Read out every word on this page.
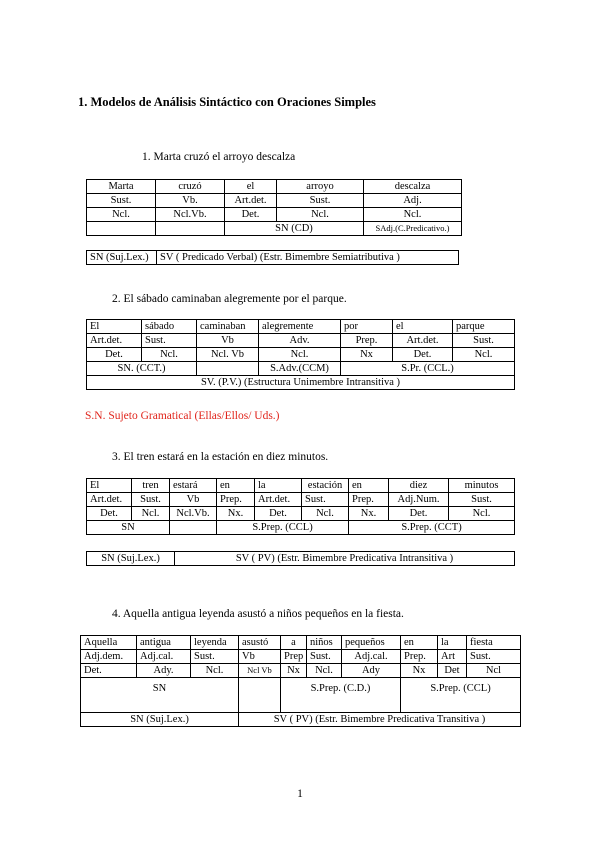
1. Modelos de Análisis Sintáctico con Oraciones Simples
1. Marta cruzó el arroyo descalza
Marta	cruzó	el	arroyo	descalza
Sust.	Vb.	Art.det.	Sust.	Adj.
Ncl.	Ncl.Vb.	Det.	Ncl.	Ncl.
		SN (CD)		SAdj.(C.Predicativo.)
SN (Suj.Lex.)	SV ( Predicado Verbal) (Estr. Bimembre Semiatributiva )
2. El sábado caminaban alegremente por el parque.
El	sábado	caminaban	alegremente	por	el	parque
Art.det.	Sust.	Vb	Adv.	Prep.	Art.det.	Sust.
Det.	Ncl.	Ncl. Vb	Ncl.	Nx	Det.	Ncl.
SN. (CCT.)			S.Adv.(CCM)	S.Pr. (CCL.)		
SV. (P.V.) (Estructura Unimembre Intransitiva )						
S.N. Sujeto Gramatical (Ellas/Ellos/ Uds.)
3. El tren estará en la estación en diez minutos.
El	tren	estará	en	la	estación	en	diez	minutos
Art.det.	Sust.	Vb	Prep.	Art.det.	Sust.	Prep.	Adj.Num.	Sust.
Det.	Ncl.	Ncl.Vb.	Nx.	Det.	Ncl.	Nx.	Det.	Ncl.
SN			S.Prep. (CCL)			S.Prep. (CCT)		
SN (Suj.Lex.)	SV ( PV) (Estr. Bimembre Predicativa Intransitiva )
4. Aquella antigua leyenda asustó a niños pequeños en la fiesta.
Aquella	antigua	leyenda	asustó	a	niños	pequeños	en	la	fiesta
Adj.dem.	Adj.cal.	Sust.	Vb	Prep	Sust.	Adj.cal.	Prep.	Art	Sust.
Det.	Ady.	Ncl.	Ncl Vb	Nx	Ncl.	Ady	Nx	Det	Ncl
SN				S.Prep. (C.D.)			S.Prep. (CCL)		
SN (Suj.Lex.)			SV ( PV) (Estr. Bimembre Predicativa Transitiva )						
1
